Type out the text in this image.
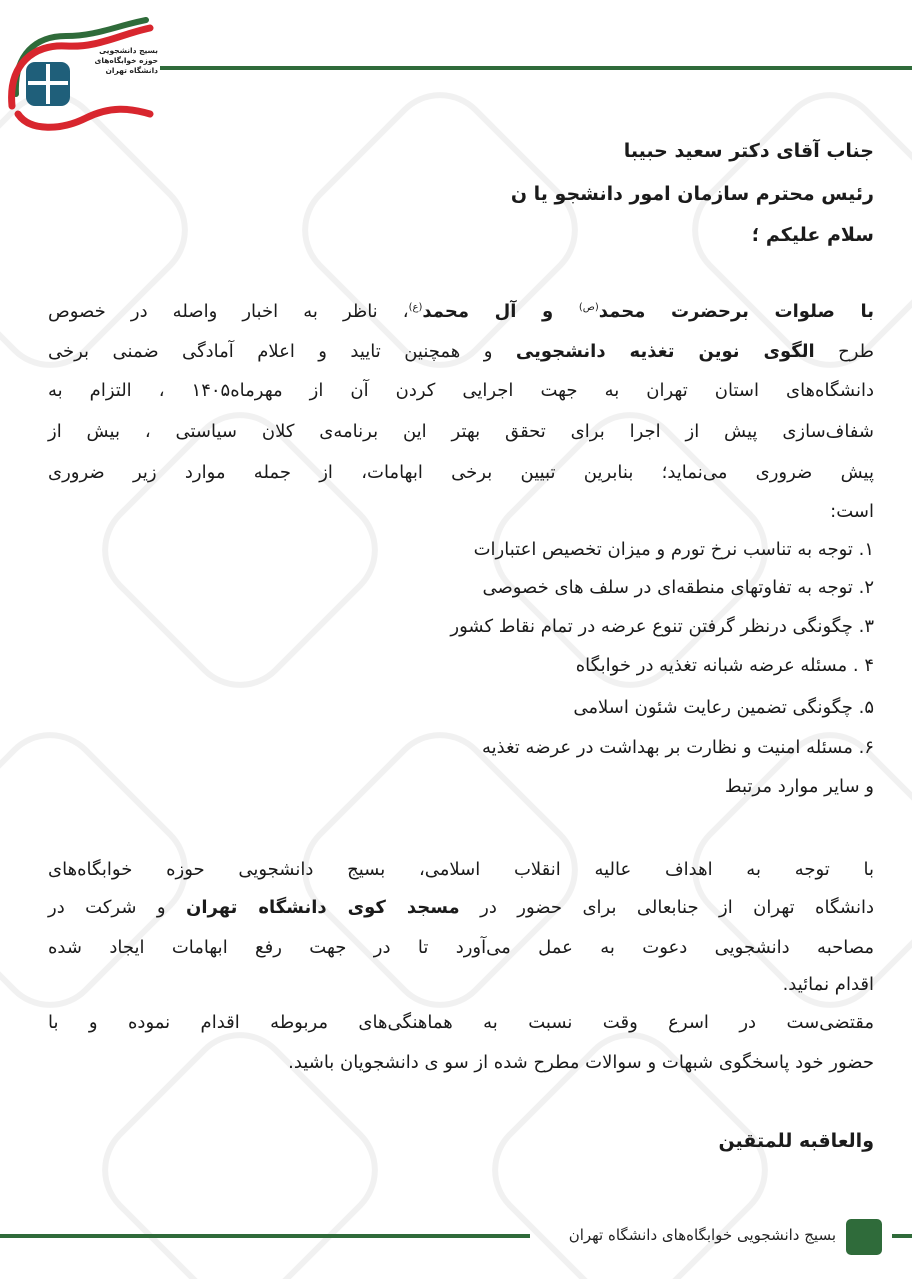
بسیج دانشجویی
حوزه خوابگاه‌های
دانشگاه تهران
جناب آقای دکتر سعید حبیبا
رئیس محترم سازمان امور دانشجو یا ن
سلام علیکم ؛
با صلوات برحضرت محمد$^{(ص)}$ و آل محمد$^{(ع)}$، ناظر به اخبار واصله در خصوص
طرح الگوی نوین تغذیه دانشجویی و همچنین تایید و اعلام آمادگی ضمنی برخی
دانشگاه‌های استان تهران به جهت اجرایی کردن آن از مهرماه۱۴۰۵ ، التزام به
شفاف‌سازی پیش از اجرا برای تحقق بهتر این برنامه‌ی کلان سیاستی ، بیش از
پیش ضروری می‌نماید؛ بنابرین تبیین برخی ابهامات، از جمله موارد زیر ضروری
است:
۱. توجه به تناسب نرخ تورم و میزان تخصیص اعتبارات
۲. توجه به تفاوتهای منطقه‌ای در سلف های خصوصی
۳. چگونگی درنظر گرفتن تنوع عرضه در تمام نقاط کشور
۴ . مسئله عرضه شبانه تغذیه در خوابگاه
۵. چگونگی تضمین رعایت شئون اسلامی
۶. مسئله امنیت و نظارت بر بهداشت در عرضه تغذیه
و سایر موارد مرتبط
با توجه به اهداف عالیه انقلاب اسلامی، بسیج دانشجویی حوزه خوابگاه‌های
دانشگاه تهران از جنابعالی برای حضور در مسجد کوی دانشگاه تهران و شرکت در
مصاحبه دانشجویی دعوت به عمل می‌آورد تا در جهت رفع ابهامات ایجاد شده
اقدام نمائید.
مقتضی‌ست در اسرع وقت نسبت به هماهنگی‌های مربوطه اقدام نموده و با
حضور خود پاسخگوی شبهات و سوالات مطرح شده از سو ی دانشجویان باشید.
والعاقبه للمتقین
بسیج دانشجویی خوابگاه‌های دانشگاه تهران
